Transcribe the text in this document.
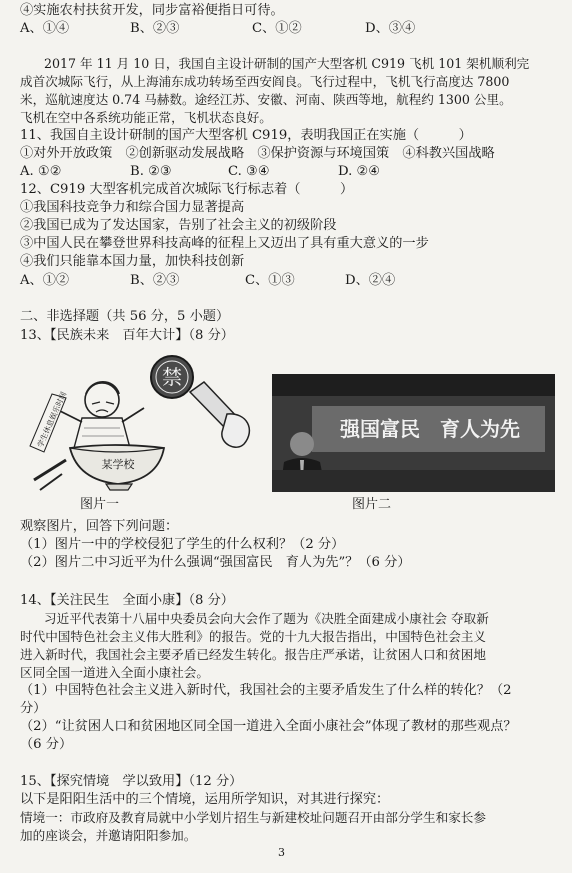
④实施农村扶贫开发，同步富裕便指日可待。
A、①④	B、②③	C、①②	D、③④
2017 年 11 月 10 日，我国自主设计研制的国产大型客机 C919 飞机 101 架机顺利完
成首次城际飞行，从上海浦东成功转场至西安阎良。飞行过程中，飞机飞行高度达 7800
米，巡航速度达 0.74 马赫数。途经江苏、安徽、河南、陕西等地，航程约 1300 公里。
飞机在空中各系统功能正常，飞机状态良好。
11、我国自主设计研制的国产大型客机 C919，表明我国正在实施（　　　）
①对外开放政策　②创新驱动发展战略　③保护资源与环境国策　④科教兴国战略
A. ①②	B. ②③	C. ③④	D. ②④
12、C919 大型客机完成首次城际飞行标志着（　　　）
①我国科技竞争力和综合国力显著提高
②我国已成为了发达国家，告别了社会主义的初级阶段
③中国人民在攀登世界科技高峰的征程上又迈出了具有重大意义的一步
④我们只能靠本国力量，加快科技创新
A、①②	B、②③	C、①③	D、②④
二、非选择题（共 56 分，5 小题）
13、【民族未来　百年大计】（8 分）
禁
学生休息娱乐时间
某学校
图片一
强国富民　育人为先
图片二
观察图片，回答下列问题：
（1）图片一中的学校侵犯了学生的什么权利？（2 分）
（2）图片二中习近平为什么强调“强国富民　育人为先”？（6 分）
14、【关注民生　全面小康】（8 分）
习近平代表第十八届中央委员会向大会作了题为《决胜全面建成小康社会 夺取新
时代中国特色社会主义伟大胜利》的报告。党的十九大报告指出，中国特色社会主义
进入新时代，我国社会主要矛盾已经发生转化。报告庄严承诺，让贫困人口和贫困地
区同全国一道进入全面小康社会。
（1）中国特色社会主义进入新时代，我国社会的主要矛盾发生了什么样的转化？（2
分）
（2）“让贫困人口和贫困地区同全国一道进入全面小康社会”体现了教材的那些观点？
（6 分）
15、【探究情境　学以致用】（12 分）
以下是阳阳生活中的三个情境，运用所学知识，对其进行探究：
情境一：市政府及教育局就中小学划片招生与新建校址问题召开由部分学生和家长参
加的座谈会，并邀请阳阳参加。
3
